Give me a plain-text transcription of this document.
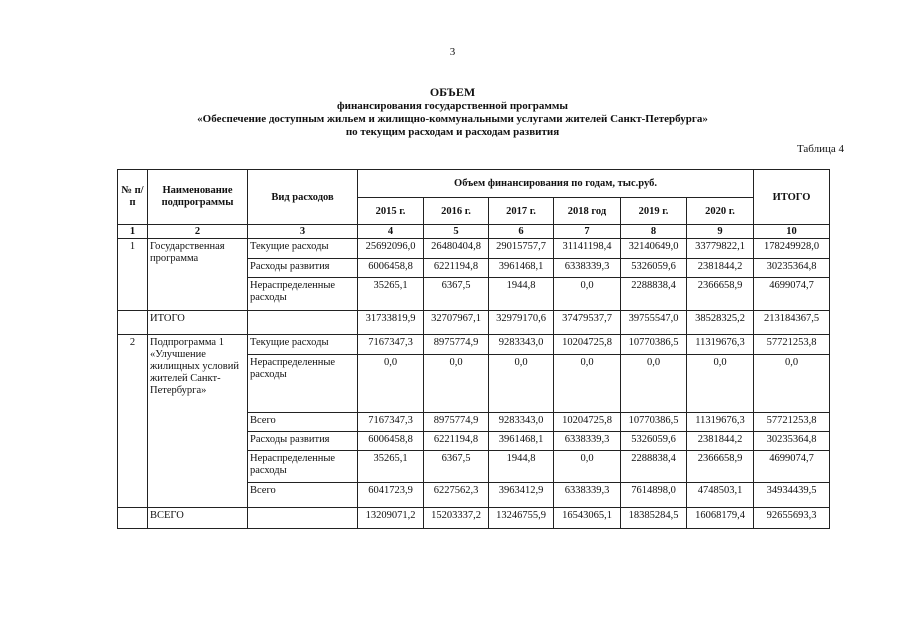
3
ОБЪЕМ
финансирования государственной программы
«Обеспечение доступным жильем и жилищно-коммунальными услугами жителей Санкт-Петербурга»
по текущим расходам и расходам развития
Таблица 4
№ п/п	Наименование подпрограммы	Вид расходов	Объем финансирования по годам, тыс.руб.						ИТОГО
			2015 г.	2016 г.	2017 г.	2018 год	2019 г.	2020 г.	
1	2	3	4	5	6	7	8	9	10
1	Государственная программа	Текущие расходы	25692096,0	26480404,8	29015757,7	31141198,4	32140649,0	33779822,1	178249928,0
		Расходы развития	6006458,8	6221194,8	3961468,1	6338339,3	5326059,6	2381844,2	30235364,8
		Нераспределенные расходы	35265,1	6367,5	1944,8	0,0	2288838,4	2366658,9	4699074,7
	ИТОГО		31733819,9	32707967,1	32979170,6	37479537,7	39755547,0	38528325,2	213184367,5
2	Подпрограмма 1 «Улучшение жилищных условий жителей Санкт-Петербурга»	Текущие расходы	7167347,3	8975774,9	9283343,0	10204725,8	10770386,5	11319676,3	57721253,8
		Нераспределенные расходы	0,0	0,0	0,0	0,0	0,0	0,0	0,0
		Всего	7167347,3	8975774,9	9283343,0	10204725,8	10770386,5	11319676,3	57721253,8
		Расходы развития	6006458,8	6221194,8	3961468,1	6338339,3	5326059,6	2381844,2	30235364,8
		Нераспределенные расходы	35265,1	6367,5	1944,8	0,0	2288838,4	2366658,9	4699074,7
		Всего	6041723,9	6227562,3	3963412,9	6338339,3	7614898,0	4748503,1	34934439,5
	ВСЕГО		13209071,2	15203337,2	13246755,9	16543065,1	18385284,5	16068179,4	92655693,3
